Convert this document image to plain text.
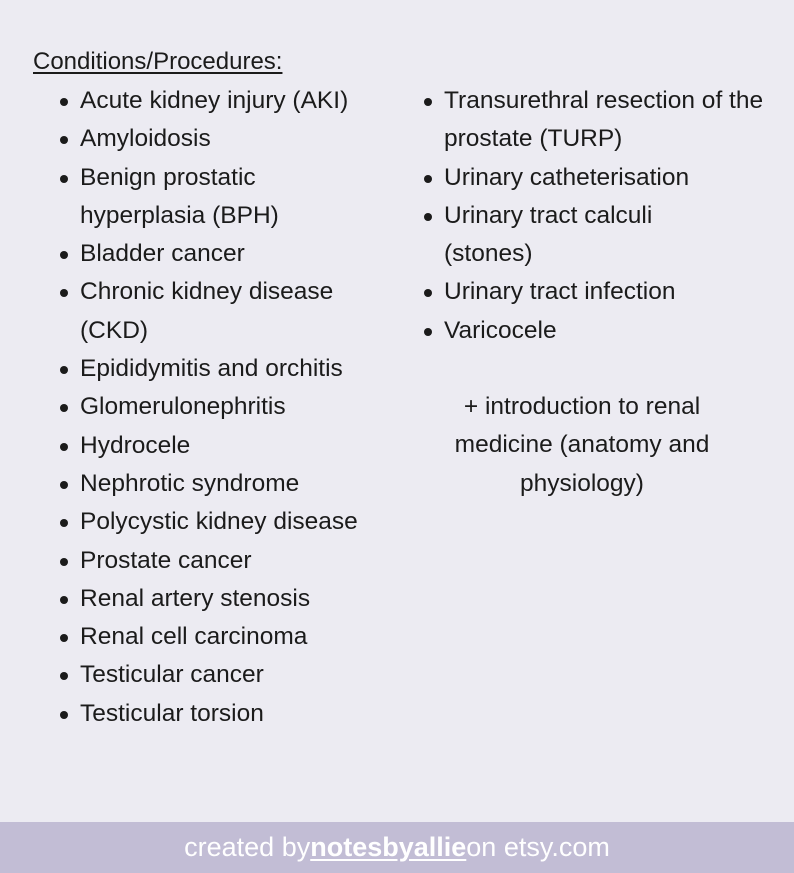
Conditions/Procedures:
Acute kidney injury (AKI)
Amyloidosis
Benign prostatic hyperplasia (BPH)
Bladder cancer
Chronic kidney disease (CKD)
Epididymitis and orchitis
Glomerulonephritis
Hydrocele
Nephrotic syndrome
Polycystic kidney disease
Prostate cancer
Renal artery stenosis
Renal cell carcinoma
Testicular cancer
Testicular torsion
Transurethral resection of the prostate (TURP)
Urinary catheterisation
Urinary tract calculi (stones)
Urinary tract infection
Varicocele

+ introduction to renal medicine (anatomy and physiology)

created by notesbyallie on etsy.com
